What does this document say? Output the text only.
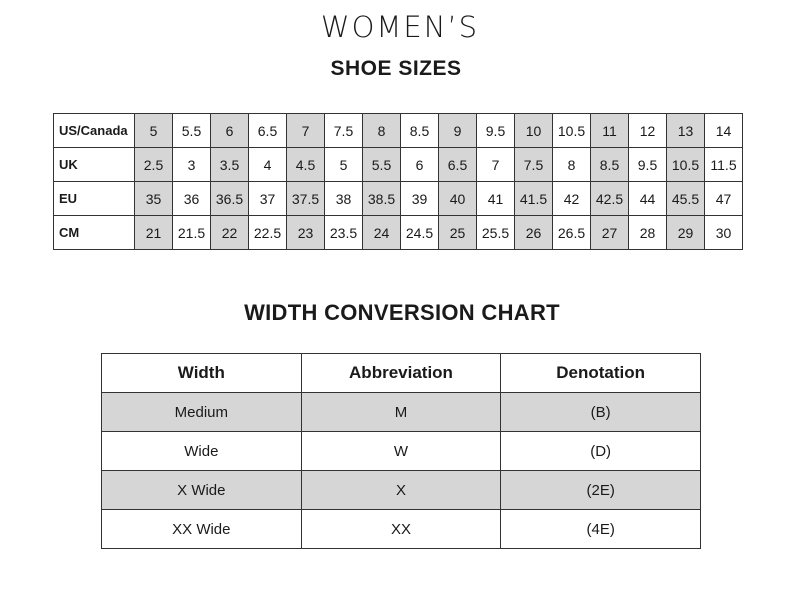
WOMEN’S
SHOE SIZES
US/Canada	5	5.5	6	6.5	7	7.5	8	8.5	9	9.5	10	10.5	11	12	13	14
UK	2.5	3	3.5	4	4.5	5	5.5	6	6.5	7	7.5	8	8.5	9.5	10.5	11.5
EU	35	36	36.5	37	37.5	38	38.5	39	40	41	41.5	42	42.5	44	45.5	47
CM	21	21.5	22	22.5	23	23.5	24	24.5	25	25.5	26	26.5	27	28	29	30
WIDTH CONVERSION CHART
Width	Abbreviation	Denotation
Medium	M	(B)
Wide	W	(D)
X Wide	X	(2E)
XX Wide	XX	(4E)
